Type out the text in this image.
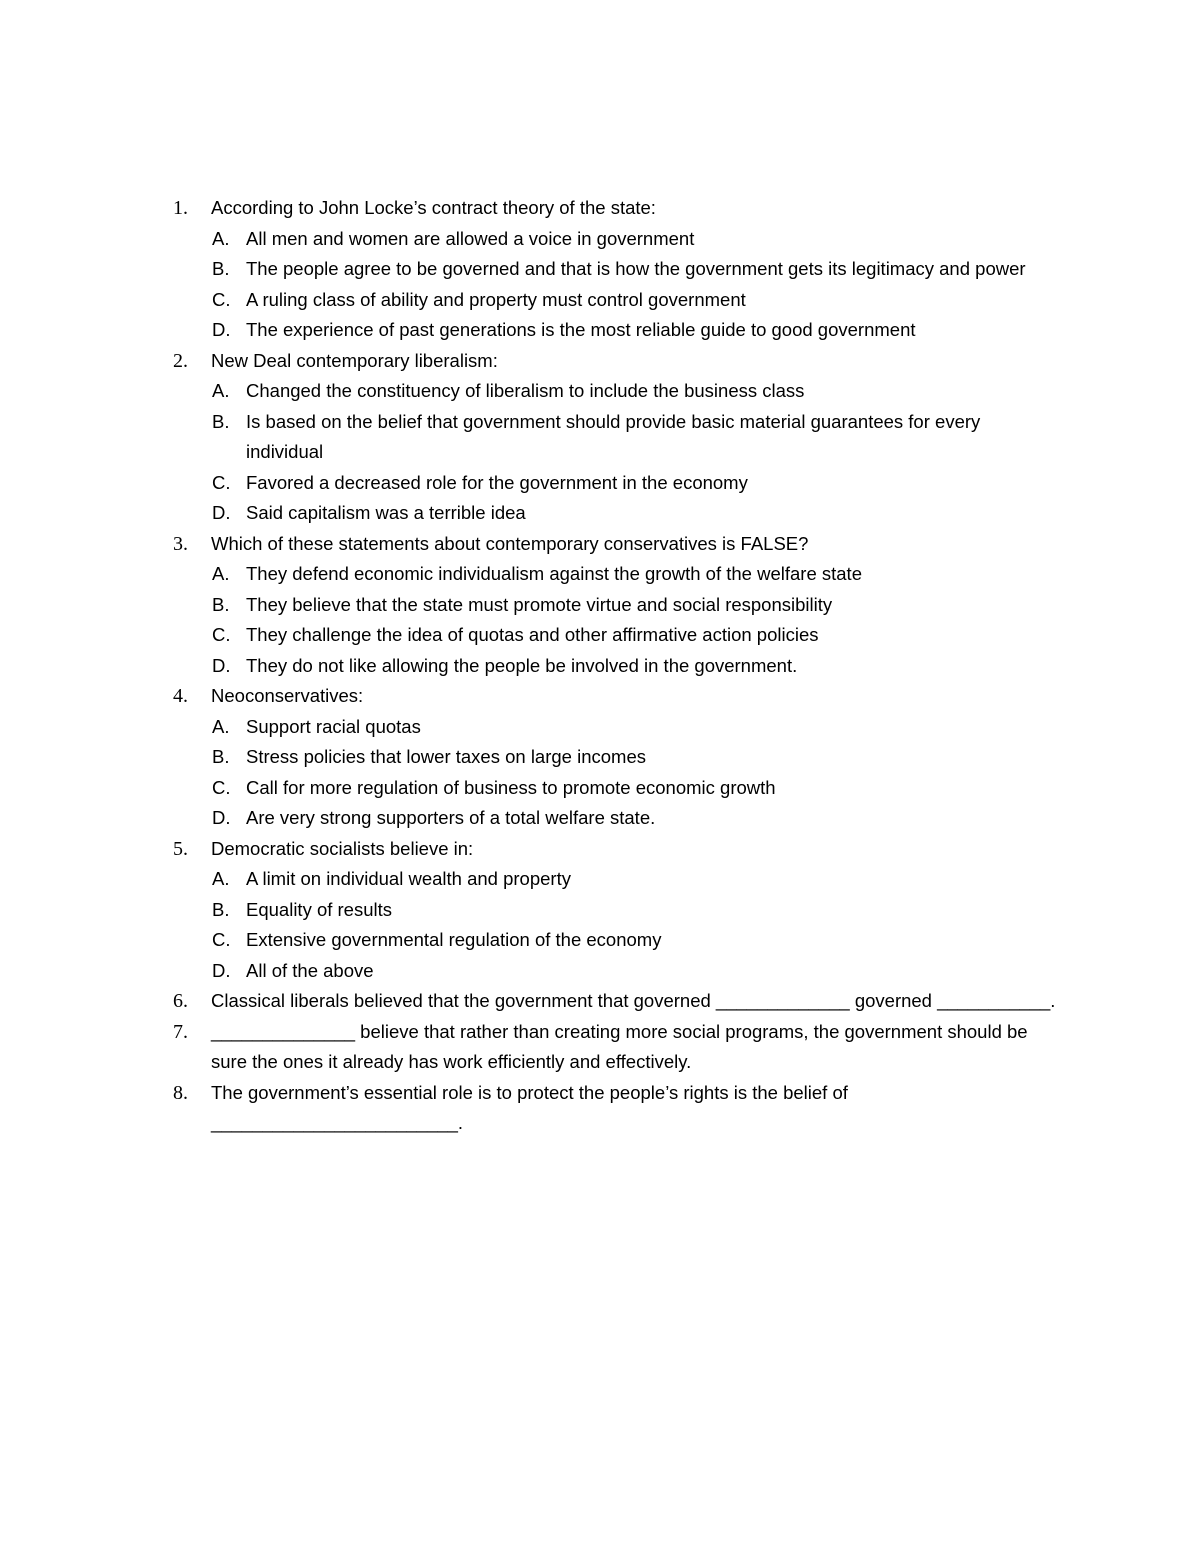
1. According to John Locke’s contract theory of the state:
A. All men and women are allowed a voice in government
B. The people agree to be governed and that is how the government gets its legitimacy and power
C. A ruling class of ability and property must control government
D. The experience of past generations is the most reliable guide to good government
2. New Deal contemporary liberalism:
A. Changed the constituency of liberalism to include the business class
B. Is based on the belief that government should provide basic material guarantees for every individual
C. Favored a decreased role for the government in the economy
D. Said capitalism was a terrible idea
3. Which of these statements about contemporary conservatives is FALSE?
A. They defend economic individualism against the growth of the welfare state
B. They believe that the state must promote virtue and social responsibility
C. They challenge the idea of quotas and other affirmative action policies
D. They do not like allowing the people be involved in the government.
4. Neoconservatives:
A. Support racial quotas
B. Stress policies that lower taxes on large incomes
C. Call for more regulation of business to promote economic growth
D. Are very strong supporters of a total welfare state.
5. Democratic socialists believe in:
A. A limit on individual wealth and property
B. Equality of results
C. Extensive governmental regulation of the economy
D. All of the above
6. Classical liberals believed that the government that governed _____________ governed ___________.
7. ______________ believe that rather than creating more social programs, the government should be sure the ones it already has work efficiently and effectively.
8. The government’s essential role is to protect the people’s rights is the belief of ________________________.
